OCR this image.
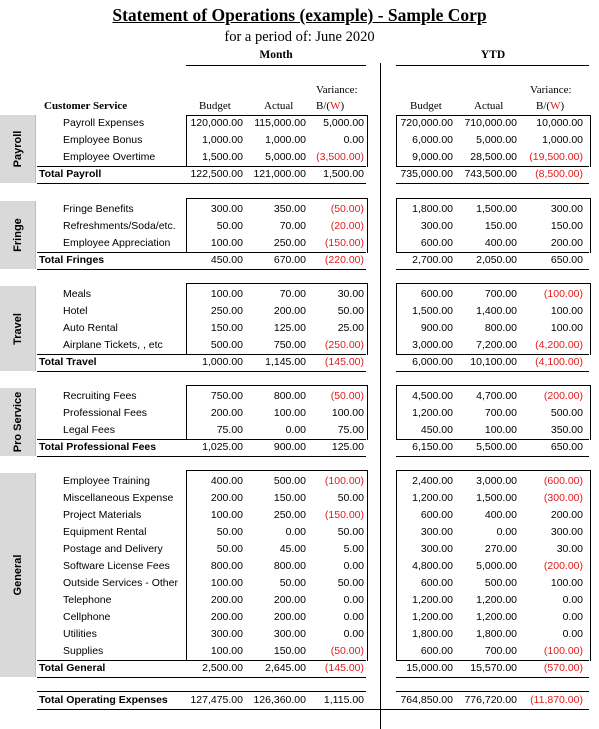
Statement of Operations (example) - Sample Corp
for a period of: June 2020
Month	YTD
Variance:
B/(W)
Budget	Actual
Variance:
B/(W)
Budget	Actual
Customer Service
Payroll
Payroll Expenses	120,000.00 115,000.00 5,000.00	720,000.00 710,000.00 10,000.00
Employee Bonus	1,000.00 1,000.00	0.00	6,000.00 5,000.00 1,000.00
Employee Overtime	1,500.00 5,000.00 (3,500.00)	9,000.00 28,500.00 (19,500.00)
Total Payroll	122,500.00 121,000.00 1,500.00	735,000.00 743,500.00 (8,500.00)
Fringe
Fringe Benefits	300.00	350.00 (50.00)	1,800.00 1,500.00	300.00
Refreshments/Soda/etc.	50.00	70.00 (20.00)	300.00	150.00	150.00
Employee Appreciation	100.00	250.00 (150.00)	600.00	400.00	200.00
Total Fringes	450.00	670.00 (220.00)	2,700.00 2,050.00	650.00
Travel
Meals	100.00	70.00	30.00	600.00	700.00	(100.00)
Hotel	250.00	200.00	50.00	1,500.00 1,400.00	100.00
Auto Rental	150.00	125.00	25.00	900.00	800.00	100.00
Airplane Tickets, , etc	500.00	750.00 (250.00)	3,000.00 7,200.00 (4,200.00)
Total Travel	1,000.00 1,145.00 (145.00)	6,000.00 10,100.00 (4,100.00)
Pro Service	Recruiting Fees	750.00	800.00 (50.00)	4,500.00 4,700.00	(200.00)
Professional Fees	200.00	100.00 100.00	1,200.00	700.00	500.00
Legal Fees	75.00	0.00	75.00	450.00	100.00	350.00
Total Professional Fees	1,025.00	900.00 125.00	6,150.00 5,500.00	650.00
General
Employee Training	400.00	500.00 (100.00)	2,400.00 3,000.00	(600.00)
Miscellaneous Expense	200.00	150.00	50.00	1,200.00 1,500.00	(300.00)
Project Materials	100.00	250.00 (150.00)	600.00	400.00	200.00
Equipment Rental	50.00	0.00	50.00	300.00	0.00	300.00
Postage and Delivery	50.00	45.00	5.00	300.00	270.00	30.00
Software License Fees	800.00	800.00	0.00	4,800.00 5,000.00	(200.00)
Outside Services - Other	100.00	50.00	50.00	600.00	500.00	100.00
Telephone	200.00	200.00	0.00	1,200.00 1,200.00	0.00
Cellphone	200.00	200.00	0.00	1,200.00 1,200.00	0.00
Utilities	300.00	300.00	0.00	1,800.00 1,800.00	0.00
Supplies	100.00	150.00 (50.00)	600.00	700.00	(100.00)
Total General	2,500.00 2,645.00 (145.00)	15,000.00 15,570.00	(570.00)
Total Operating Expenses 127,475.00 126,360.00 1,115.00	764,850.00 776,720.00 (11,870.00)
